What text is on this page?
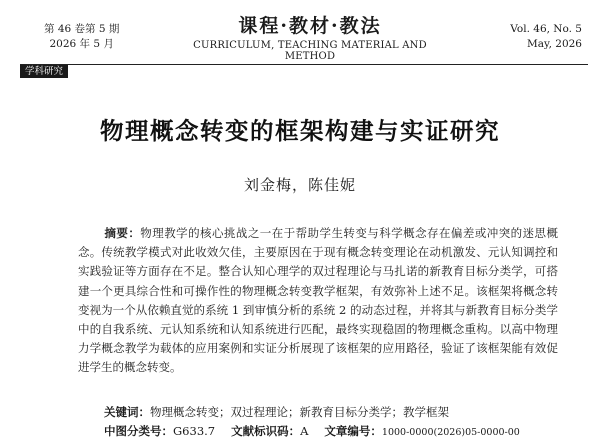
第 46 卷第 5 期
2026 年 5 月
课程·教材·教法
CURRICULUM, TEACHING MATERIAL AND METHOD
Vol. 46, No. 5
May, 2026
学科研究
物理概念转变的框架构建与实证研究
刘金梅，陈佳妮
摘要：物理教学的核心挑战之一在于帮助学生转变与科学概念存在偏差或冲突的迷思概念。传统教学模式对此收效欠佳，主要原因在于现有概念转变理论在动机激发、元认知调控和实践验证等方面存在不足。整合认知心理学的双过程理论与马扎诺的新教育目标分类学，可搭建一个更具综合性和可操作性的物理概念转变教学框架，有效弥补上述不足。该框架将概念转变视为一个从依赖直觉的系统 1 到审慎分析的系统 2 的动态过程，并将其与新教育目标分类学中的自我系统、元认知系统和认知系统进行匹配，最终实现稳固的物理概念重构。以高中物理力学概念教学为载体的应用案例和实证分析展现了该框架的应用路径，验证了该框架能有效促进学生的概念转变。
关键词：物理概念转变；双过程理论；新教育目标分类学；教学框架
中图分类号：G633.7 文献标识码：A 文章编号：1000-0000(2026)05-0000-00
